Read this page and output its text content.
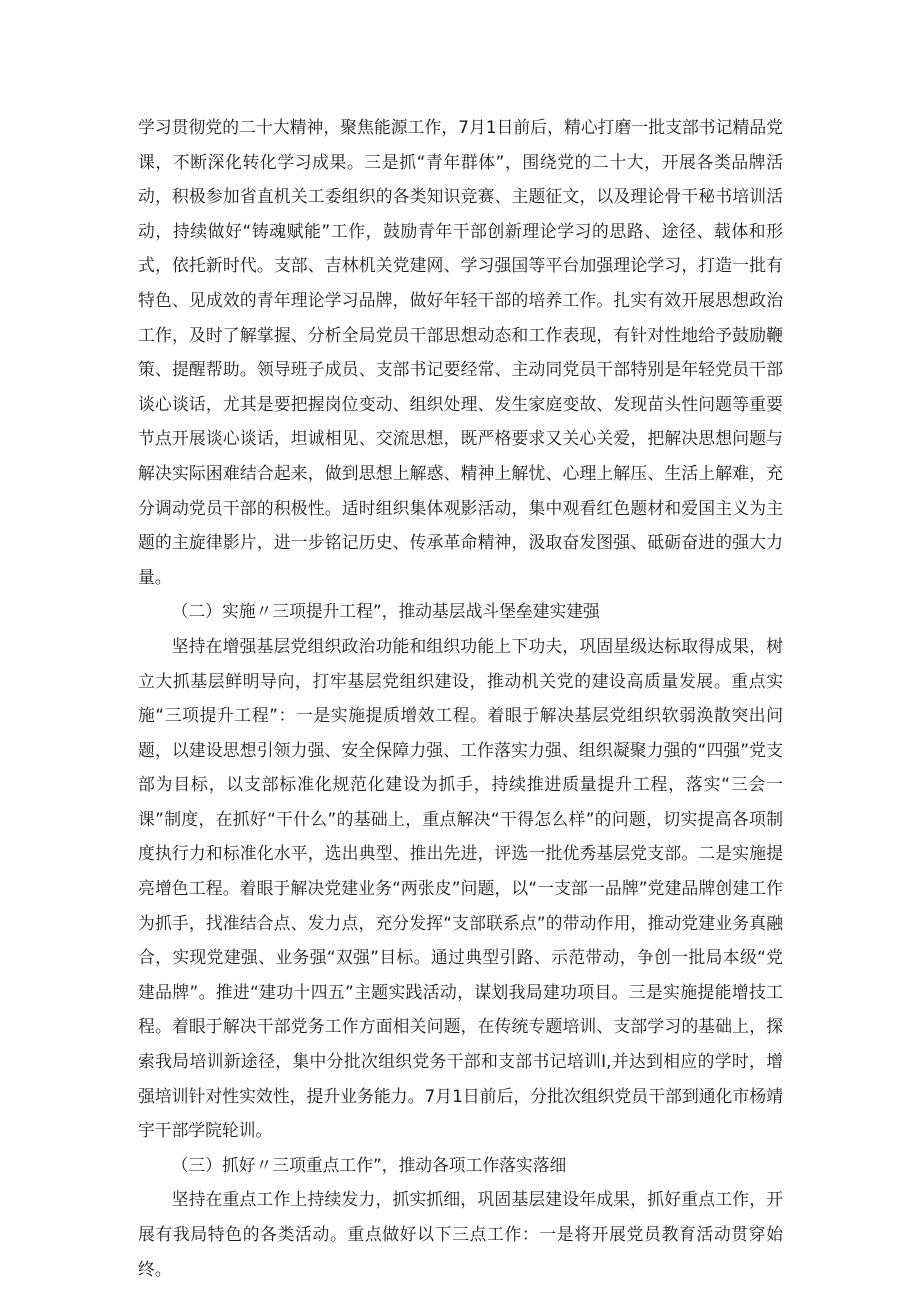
学习贯彻党的二十大精神，聚焦能源工作，7月1日前后，精心打磨一批支部书记精品党课，不断深化转化学习成果。三是抓“青年群体”，围绕党的二十大，开展各类品牌活动，积极参加省直机关工委组织的各类知识竞赛、主题征文，以及理论骨干秘书培训活动，持续做好“铸魂赋能”工作，鼓励青年干部创新理论学习的思路、途径、载体和形式，依托新时代。支部、吉林机关党建网、学习强国等平台加强理论学习，打造一批有特色、见成效的青年理论学习品牌，做好年轻干部的培养工作。扎实有效开展思想政治工作，及时了解掌握、分析全局党员干部思想动态和工作表现，有针对性地给予鼓励鞭策、提醒帮助。领导班子成员、支部书记要经常、主动同党员干部特别是年轻党员干部谈心谈话，尤其是要把握岗位变动、组织处理、发生家庭变故、发现苗头性问题等重要节点开展谈心谈话，坦诚相见、交流思想，既严格要求又关心关爱，把解决思想问题与解决实际困难结合起来，做到思想上解惑、精神上解忧、心理上解压、生活上解难，充分调动党员干部的积极性。适时组织集体观影活动，集中观看红色题材和爱国主义为主题的主旋律影片，进一步铭记历史、传承革命精神，汲取奋发图强、砥砺奋进的强大力量。

（二）实施〃三项提升工程”，推动基层战斗堡垒建实建强

坚持在增强基层党组织政治功能和组织功能上下功夫，巩固星级达标取得成果，树立大抓基层鲜明导向，打牢基层党组织建设，推动机关党的建设高质量发展。重点实施“三项提升工程”：一是实施提质增效工程。着眼于解决基层党组织软弱涣散突出问题，以建设思想引领力强、安全保障力强、工作落实力强、组织凝聚力强的“四强”党支部为目标，以支部标准化规范化建设为抓手，持续推进质量提升工程，落实“三会一课”制度，在抓好“干什么”的基础上，重点解决“干得怎么样”的问题，切实提高各项制度执行力和标准化水平，选出典型、推出先进，评选一批优秀基层党支部。二是实施提亮增色工程。着眼于解决党建业务“两张皮”问题，以“一支部一品牌”党建品牌创建工作为抓手，找准结合点、发力点，充分发挥“支部联系点”的带动作用，推动党建业务真融合，实现党建强、业务强“双强”目标。通过典型引路、示范带动，争创一批局本级“党建品牌”。推进“建功十四五”主题实践活动，谋划我局建功项目。三是实施提能增技工程。着眼于解决干部党务工作方面相关问题，在传统专题培训、支部学习的基础上，探索我局培训新途径，集中分批次组织党务干部和支部书记培训I,并达到相应的学时，增强培训针对性实效性，提升业务能力。7月1日前后，分批次组织党员干部到通化市杨靖宇干部学院轮训。

（三）抓好〃三项重点工作”，推动各项工作落实落细

坚持在重点工作上持续发力，抓实抓细，巩固基层建设年成果，抓好重点工作，开展有我局特色的各类活动。重点做好以下三点工作：一是将开展党员教育活动贯穿始终。
